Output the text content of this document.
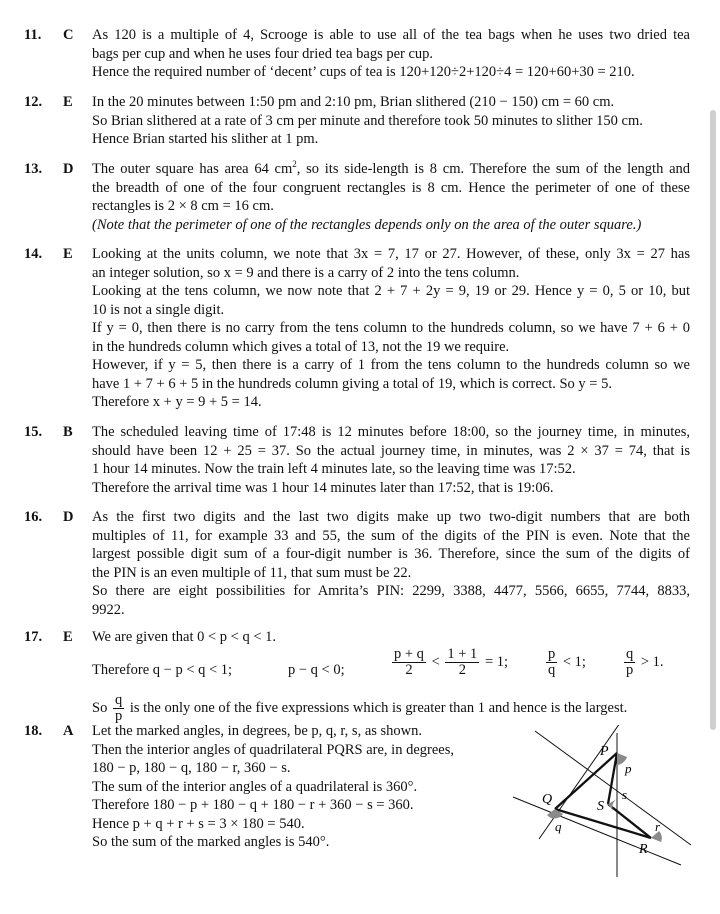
11.	C	As 120 is a multiple of 4, Scrooge is able to use all of the tea bags when he uses two dried tea
bags per cup and when he uses four dried tea bags per cup.
Hence the required number of ‘decent’ cups of tea is 120+120÷2+120÷4 = 120+60+30 = 210.
12.	E	In the 20 minutes between 1:50 pm and 2:10 pm, Brian slithered (210 − 150) cm = 60 cm.
So Brian slithered at a rate of 3 cm per minute and therefore took 50 minutes to slither 150 cm.
Hence Brian started his slither at 1 pm.
13.	D	The outer square has area 64 $cm^2$, so its side-length is 8 cm. Therefore the sum of the length and
the breadth of one of the four congruent rectangles is 8 cm. Hence the perimeter of one of these
rectangles is 2 × 8 cm = 16 cm.
(Note that the perimeter of one of the rectangles depends only on the area of the outer square.)
14.	E	Looking at the units column, we note that 3x = 7, 17 or 27. However, of these, only 3x = 27 has
an integer solution, so x = 9 and there is a carry of 2 into the tens column.
Looking at the tens column, we now note that 2 + 7 + 2y = 9, 19 or 29. Hence y = 0, 5 or 10, but
10 is not a single digit.
If y = 0, then there is no carry from the tens column to the hundreds column, so we have 7 + 6 + 0
in the hundreds column which gives a total of 13, not the 19 we require.
However, if y = 5, then there is a carry of 1 from the tens column to the hundreds column so we
have 1 + 7 + 6 + 5 in the hundreds column giving a total of 19, which is correct. So y = 5.
Therefore x + y = 9 + 5 = 14.
15.	B	The scheduled leaving time of 17:48 is 12 minutes before 18:00, so the journey time, in minutes,
should have been 12 + 25 = 37. So the actual journey time, in minutes, was 2 × 37 = 74, that is
1 hour 14 minutes. Now the train left 4 minutes late, so the leaving time was 17:52.
Therefore the arrival time was 1 hour 14 minutes later than 17:52, that is 19:06.
16.	D	As the first two digits and the last two digits make up two two-digit numbers that are both
multiples of 11, for example 33 and 55, the sum of the digits of the PIN is even. Note that the
largest possible digit sum of a four-digit number is 36. Therefore, since the sum of the digits of
the PIN is an even multiple of 11, that sum must be 22.
So there are eight possibilities for Amrita’s PIN: 2299, 3388, 4477, 5566, 6655, 7744, 8833,
9922.
17.	E	We are given that 0 < p < q < 1.
Therefore q − p < q < 1;	p − q < 0;	$\frac{p + q}{2} < \frac{1 + 1}{2} = 1$;	$\frac{p}{q} < 1$;	$\frac{q}{p} > 1$.
So $\frac{q}{p}$ is the only one of the five expressions which is greater than 1 and hence is the largest.
18.	A	Let the marked angles, in degrees, be p, q, r, s, as shown.
Then the interior angles of quadrilateral PQRS are, in degrees,
180 − p, 180 − q, 180 − r, 360 − s.
The sum of the interior angles of a quadrilateral is 360°.
Therefore 180 − p + 180 − q + 180 − r + 360 − s = 360.
Hence p + q + r + s = 3 × 180 = 540.
So the sum of the marked angles is 540°.
P
p
Q
q
S
s
R
r
